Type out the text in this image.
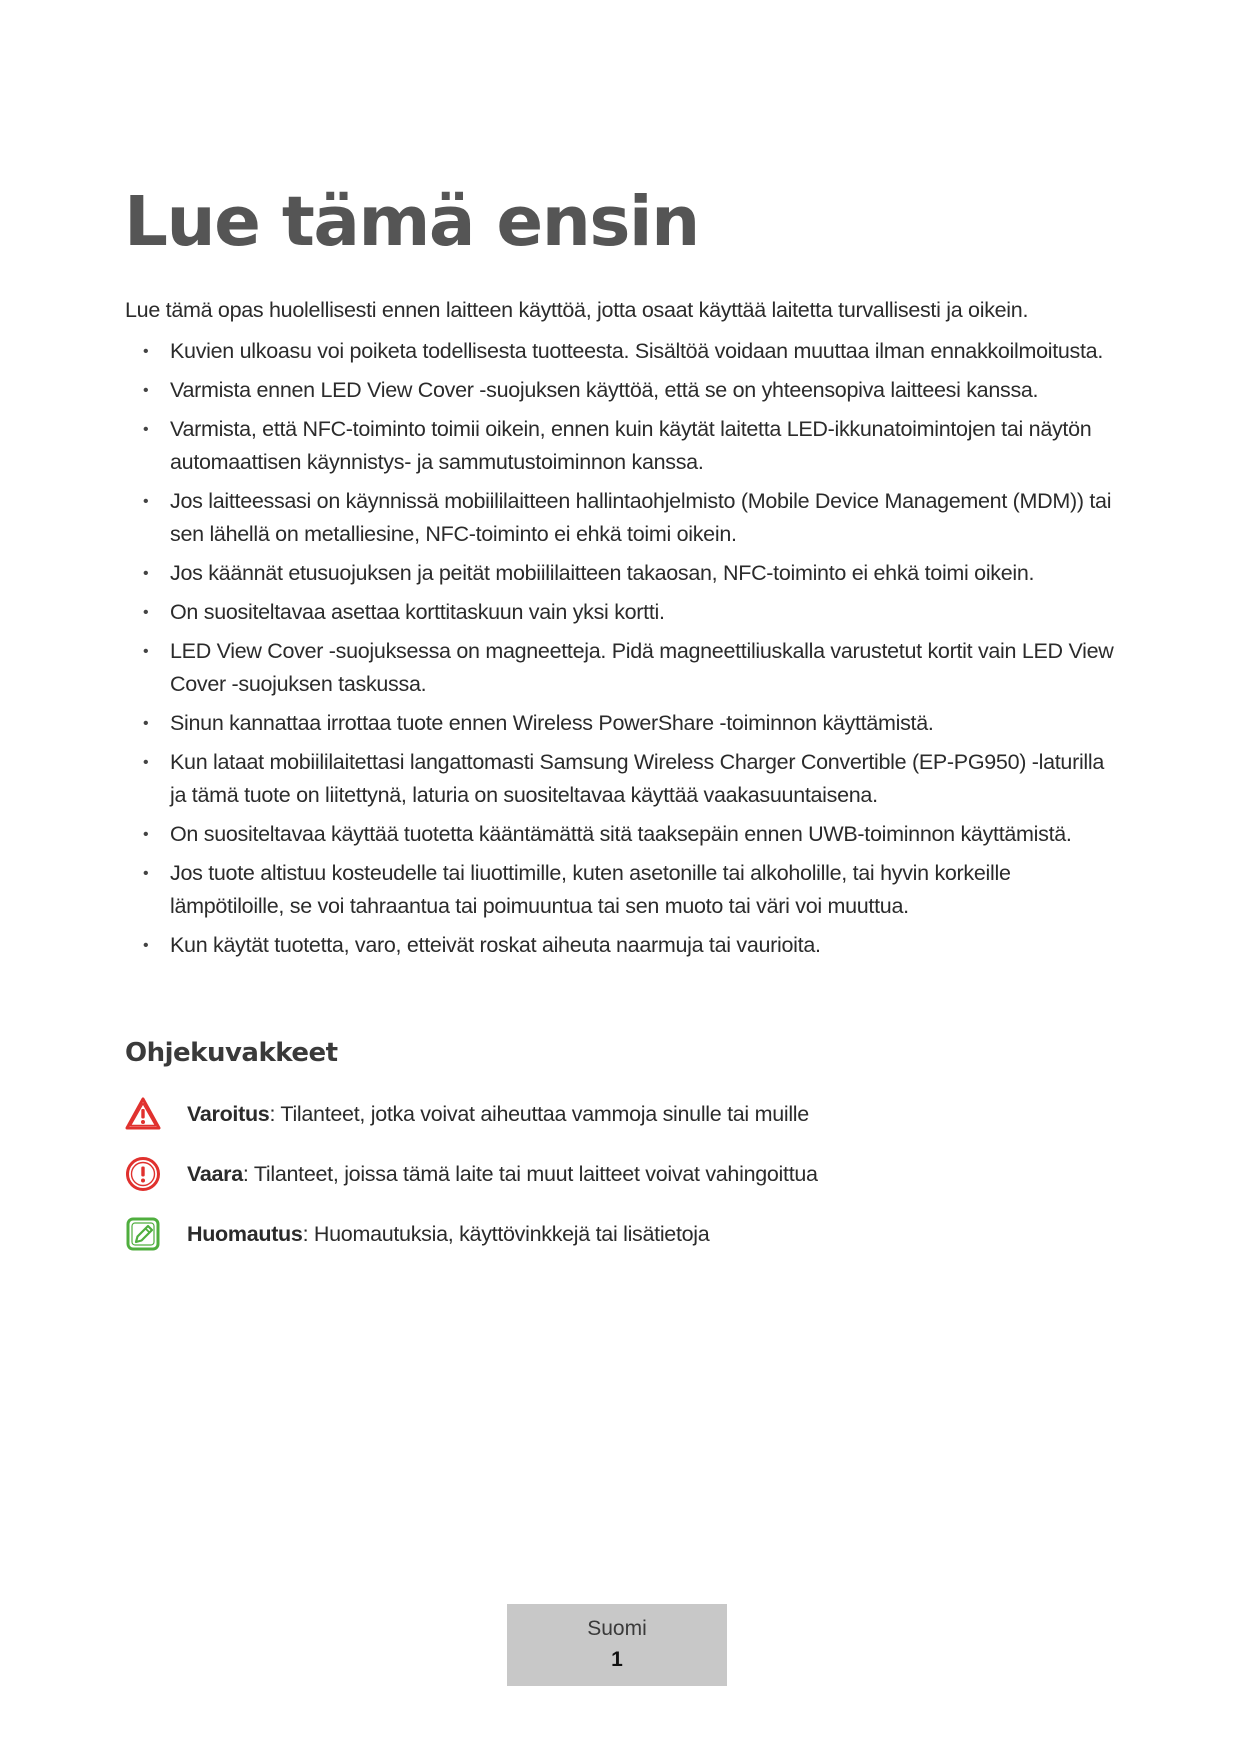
Lue tämä ensin

Lue tämä opas huolellisesti ennen laitteen käyttöä, jotta osaat käyttää laitetta turvallisesti ja oikein.

• Kuvien ulkoasu voi poiketa todellisesta tuotteesta. Sisältöä voidaan muuttaa ilman ennakkoilmoitusta.
• Varmista ennen LED View Cover -suojuksen käyttöä, että se on yhteensopiva laitteesi kanssa.
• Varmista, että NFC-toiminto toimii oikein, ennen kuin käytät laitetta LED-ikkunatoimintojen tai näytön automaattisen käynnistys- ja sammutustoiminnon kanssa.
• Jos laitteessasi on käynnissä mobiililaitteen hallintaohjelmisto (Mobile Device Management (MDM)) tai sen lähellä on metalliesine, NFC-toiminto ei ehkä toimi oikein.
• Jos käännät etusuojuksen ja peität mobiililaitteen takaosan, NFC-toiminto ei ehkä toimi oikein.
• On suositeltavaa asettaa korttitaskuun vain yksi kortti.
• LED View Cover -suojuksessa on magneetteja. Pidä magneettiliuskalla varustetut kortit vain LED View Cover -suojuksen taskussa.
• Sinun kannattaa irrottaa tuote ennen Wireless PowerShare -toiminnon käyttämistä.
• Kun lataat mobiililaitettasi langattomasti Samsung Wireless Charger Convertible (EP-PG950) -laturilla ja tämä tuote on liitettynä, laturia on suositeltavaa käyttää vaakasuuntaisena.
• On suositeltavaa käyttää tuotetta kääntämättä sitä taaksepäin ennen UWB-toiminnon käyttämistä.
• Jos tuote altistuu kosteudelle tai liuottimille, kuten asetonille tai alkoholille, tai hyvin korkeille lämpötiloille, se voi tahraantua tai poimuuntua tai sen muoto tai väri voi muuttua.
• Kun käytät tuotetta, varo, etteivät roskat aiheuta naarmuja tai vaurioita.
Ohjekuvakkeet
Varoitus: Tilanteet, jotka voivat aiheuttaa vammoja sinulle tai muille
Vaara: Tilanteet, joissa tämä laite tai muut laitteet voivat vahingoittua
Huomautus: Huomautuksia, käyttövinkkejä tai lisätietoja
Suomi
1
